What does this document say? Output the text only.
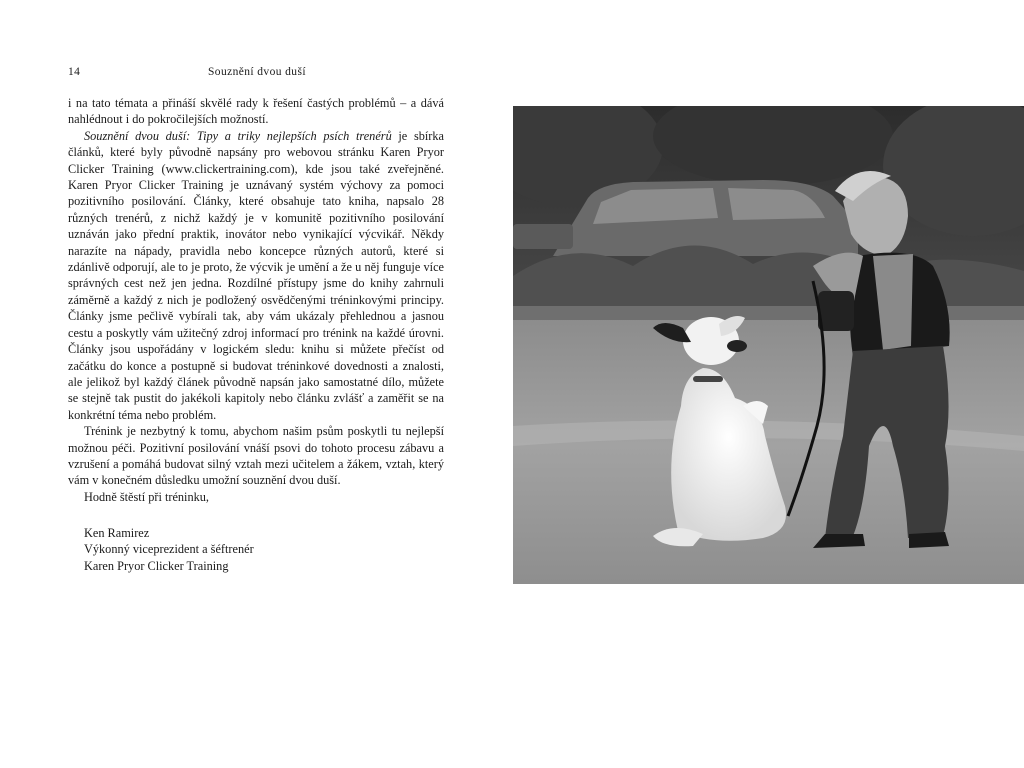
14	Souznění dvou duší

i na tato témata a přináší skvělé rady k řešení častých problémů – a dává nahlédnout i do pokročilejších možností.

Souznění dvou duší: Tipy a triky nejlepších psích trenérů je sbírka článků, které byly původně napsány pro webovou stránku Karen Pryor Clicker Training (www.clickertraining.com), kde jsou také zveřejněné. Karen Pryor Clicker Training je uznávaný systém výchovy za pomoci pozitivního posilování. Články, které obsahuje tato kniha, napsalo 28 různých trenérů, z nichž každý je v komunitě pozitivního posilování uznáván jako přední praktik, inovátor nebo vynikající výcvikář. Někdy narazíte na nápady, pravidla nebo koncepce různých autorů, které si zdánlivě odporují, ale to je proto, že výcvik je umění a že u něj funguje více správných cest než jen jedna. Rozdílné přístupy jsme do knihy zahrnuli záměrně a každý z nich je podložený osvědčenými tréninkovými principy. Články jsme pečlivě vybírali tak, aby vám ukázaly přehlednou a jasnou cestu a poskytly vám užitečný zdroj informací pro trénink na každé úrovni. Články jsou uspořádány v logickém sledu: knihu si můžete přečíst od začátku do konce a postupně si budovat tréninkové dovednosti a znalosti, ale jelikož byl každý článek původně napsán jako samostatné dílo, můžete se stejně tak pustit do jakékoli kapitoly nebo článku zvlášť a zaměřit se na konkrétní téma nebo problém.

Trénink je nezbytný k tomu, abychom našim psům poskytli tu nejlepší možnou péči. Pozitivní posilování vnáší psovi do tohoto procesu zábavu a vzrušení a pomáhá budovat silný vztah mezi učitelem a žákem, vztah, který vám v konečném důsledku umožní souznění dvou duší.

Hodně štěstí při tréninku,

Ken Ramirez
Výkonný viceprezident a šéftrenér
Karen Pryor Clicker Training
